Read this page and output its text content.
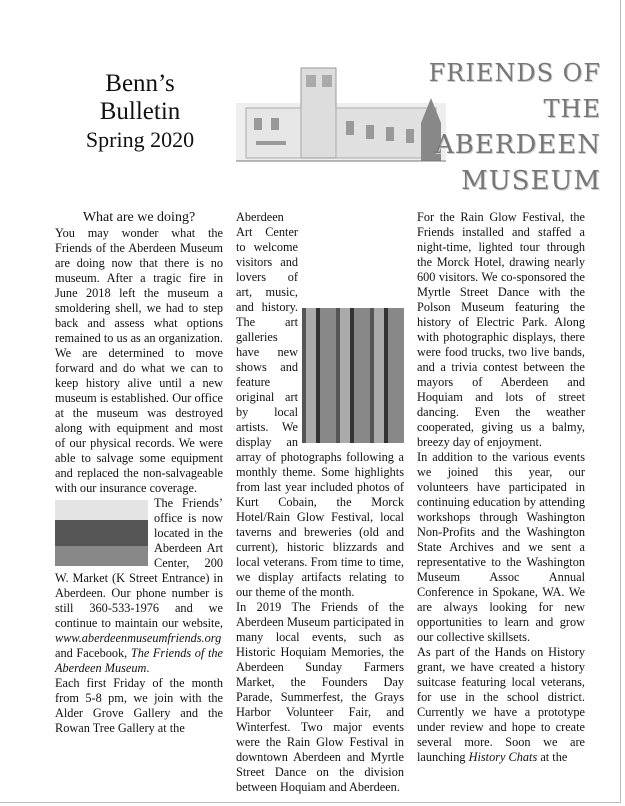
Benn’s
Bulletin
Spring 2020
FRIENDS OF THE
ABERDEEN
MUSEUM
What are we doing?

You may wonder what the Friends of the Aberdeen Museum are doing now that there is no museum. After a tragic fire in June 2018 left the museum a smoldering shell, we had to step back and assess what options remained to us as an organization. We are determined to move forward and do what we can to keep history alive until a new museum is established. Our office at the museum was destroyed along with equipment and most of our physical records. We were able to salvage some equipment and replaced the non-salvageable with our insurance coverage.

The Friends’ office is now located in the Aberdeen Art Center, 200 W. Market (K Street Entrance) in Aberdeen. Our phone number is still 360-533-1976 and we continue to maintain our website, www.aberdeenmuseumfriends.org and Facebook, The Friends of the Aberdeen Museum.

Each first Friday of the month from 5-8 pm, we join with the Alder Grove Gallery and the Rowan Tree Gallery at the

Aberdeen Art Center to welcome visitors and lovers of art, music, and history. The art galleries have new shows and feature original art by local artists. We display an array of photographs following a monthly theme. Some highlights from last year included photos of Kurt Cobain, the Morck Hotel/Rain Glow Festival, local taverns and breweries (old and current), historic blizzards and local veterans. From time to time, we display artifacts relating to our theme of the month.

In 2019 The Friends of the Aberdeen Museum participated in many local events, such as Historic Hoquiam Memories, the Aberdeen Sunday Farmers Market, the Founders Day Parade, Summerfest, the Grays Harbor Volunteer Fair, and Winterfest. Two major events were the Rain Glow Festival in downtown Aberdeen and Myrtle Street Dance on the division between Hoquiam and Aberdeen.

For the Rain Glow Festival, the Friends installed and staffed a night-time, lighted tour through the Morck Hotel, drawing nearly 600 visitors. We co-sponsored the Myrtle Street Dance with the Polson Museum featuring the history of Electric Park. Along with photographic displays, there were food trucks, two live bands, and a trivia contest between the mayors of Aberdeen and Hoquiam and lots of street dancing. Even the weather cooperated, giving us a balmy, breezy day of enjoyment.

In addition to the various events we joined this year, our volunteers have participated in continuing education by attending workshops through Washington Non-Profits and the Washington State Archives and we sent a representative to the Washington Museum Assoc Annual Conference in Spokane, WA. We are always looking for new opportunities to learn and grow our collective skillsets.

As part of the Hands on History grant, we have created a history suitcase featuring local veterans, for use in the school district. Currently we have a prototype under review and hope to create several more. Soon we are launching History Chats at the
